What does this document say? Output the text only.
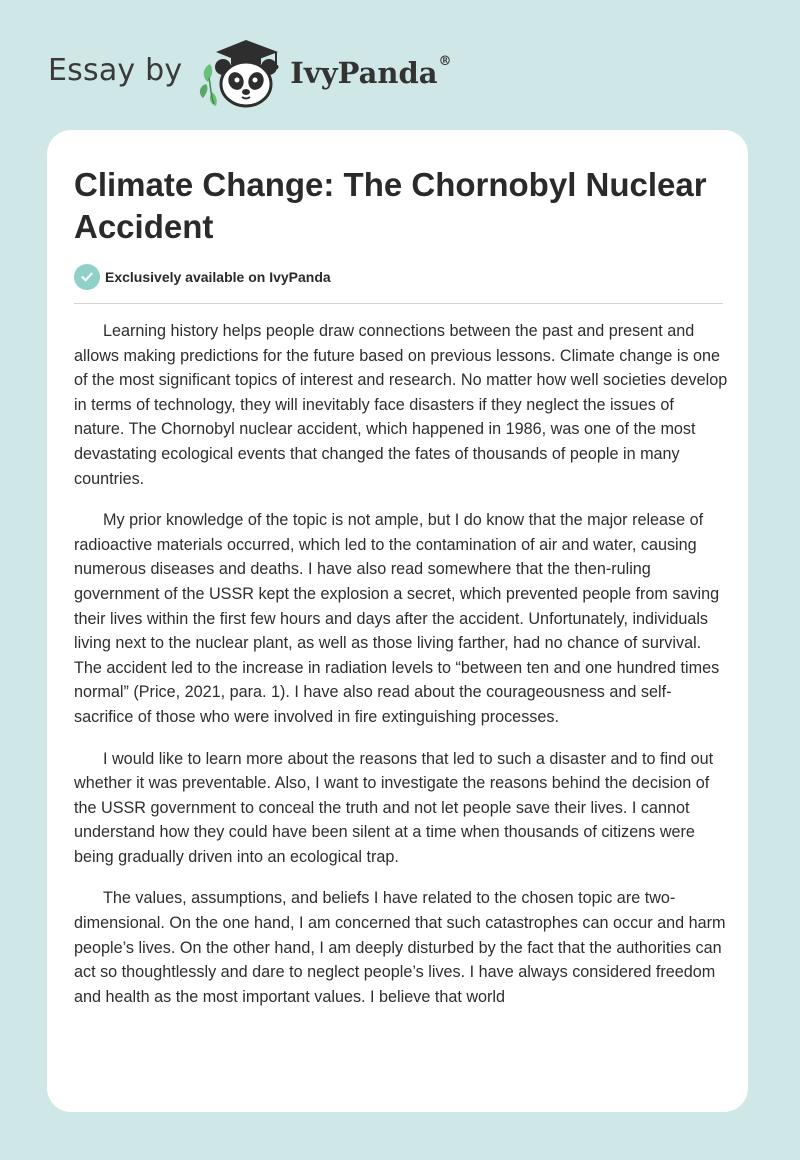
Essay by	IvyPanda®
Climate Change: The Chornobyl Nuclear Accident
Exclusively available on IvyPanda

Learning history helps people draw connections between the past and present and allows making predictions for the future based on previous lessons. Climate change is one of the most significant topics of interest and research. No matter how well societies develop in terms of technology, they will inevitably face disasters if they neglect the issues of nature. The Chornobyl nuclear accident, which happened in 1986, was one of the most devastating ecological events that changed the fates of thousands of people in many countries.

My prior knowledge of the topic is not ample, but I do know that the major release of radioactive materials occurred, which led to the contamination of air and water, causing numerous diseases and deaths. I have also read somewhere that the then-ruling government of the USSR kept the explosion a secret, which prevented people from saving their lives within the first few hours and days after the accident. Unfortunately, individuals living next to the nuclear plant, as well as those living farther, had no chance of survival. The accident led to the increase in radiation levels to “between ten and one hundred times normal” (Price, 2021, para. 1). I have also read about the courageousness and self-sacrifice of those who were involved in fire extinguishing processes.

I would like to learn more about the reasons that led to such a disaster and to find out whether it was preventable. Also, I want to investigate the reasons behind the decision of the USSR government to conceal the truth and not let people save their lives. I cannot understand how they could have been silent at a time when thousands of citizens were being gradually driven into an ecological trap.

The values, assumptions, and beliefs I have related to the chosen topic are two-dimensional. On the one hand, I am concerned that such catastrophes can occur and harm people’s lives. On the other hand, I am deeply disturbed by the fact that the authorities can act so thoughtlessly and dare to neglect people’s lives. I have always considered freedom and health as the most important values. I believe that world
